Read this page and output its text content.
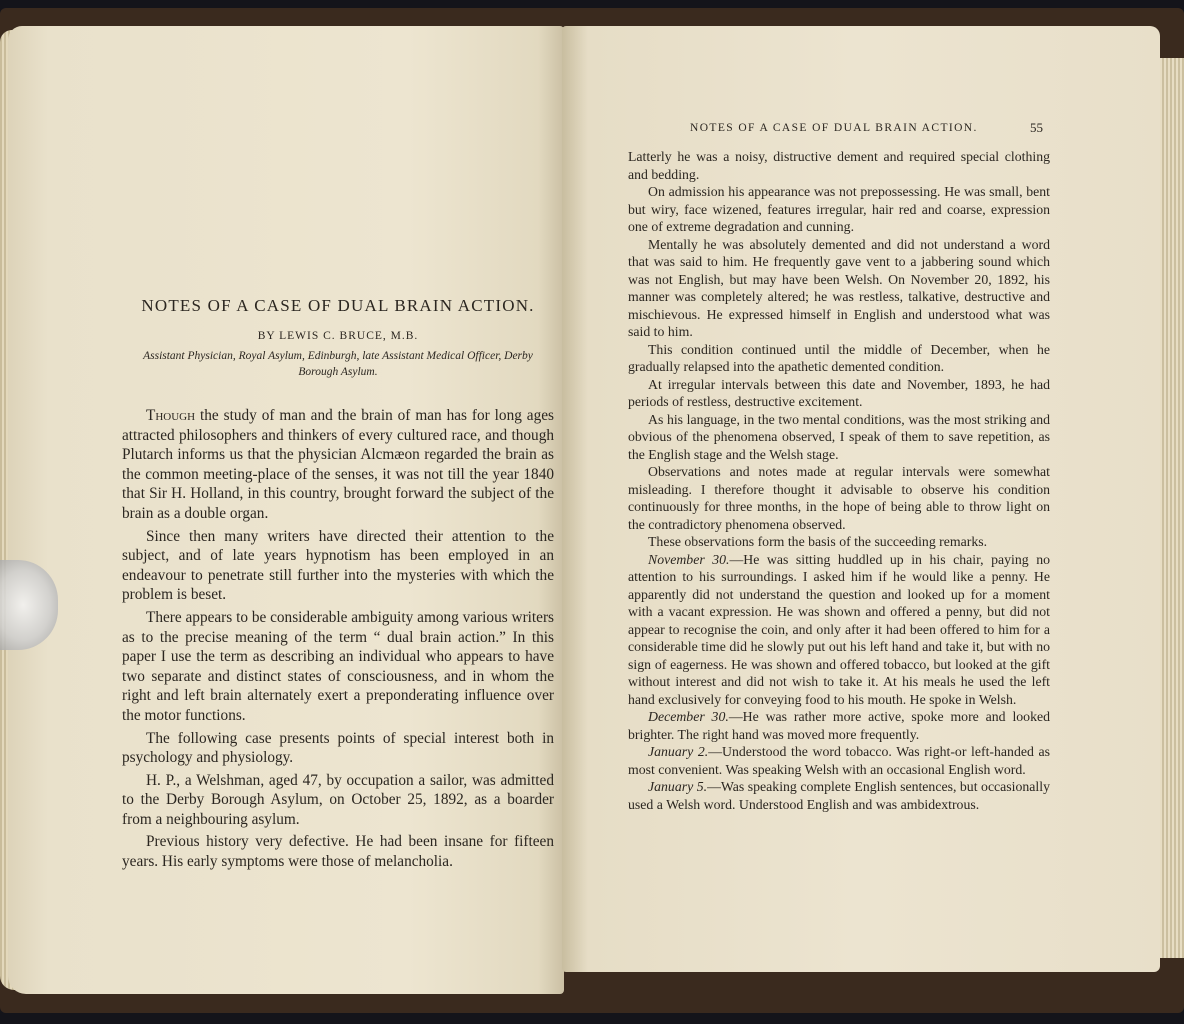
NOTES OF A CASE OF DUAL BRAIN ACTION.
BY LEWIS C. BRUCE, M.B.
Assistant Physician, Royal Asylum, Edinburgh, late Assistant Medical Officer, Derby Borough Asylum.

Though the study of man and the brain of man has for long ages attracted philosophers and thinkers of every cultured race, and though Plutarch informs us that the physician Alcmæon regarded the brain as the common meeting-place of the senses, it was not till the year 1840 that Sir H. Holland, in this country, brought forward the subject of the brain as a double organ.

Since then many writers have directed their attention to the subject, and of late years hypnotism has been employed in an endeavour to penetrate still further into the mysteries with which the problem is beset.

There appears to be considerable ambiguity among various writers as to the precise meaning of the term “ dual brain action.” In this paper I use the term as describing an individual who appears to have two separate and distinct states of consciousness, and in whom the right and left brain alternately exert a preponderating influence over the motor functions.

The following case presents points of special interest both in psychology and physiology.

H. P., a Welshman, aged 47, by occupation a sailor, was admitted to the Derby Borough Asylum, on October 25, 1892, as a boarder from a neighbouring asylum.

Previous history very defective. He had been insane for fifteen years. His early symptoms were those of melancholia.

NOTES OF A CASE OF DUAL BRAIN ACTION.	55

Latterly he was a noisy, distructive dement and required special clothing and bedding.

On admission his appearance was not prepossessing. He was small, bent but wiry, face wizened, features irregular, hair red and coarse, expression one of extreme degradation and cunning.

Mentally he was absolutely demented and did not understand a word that was said to him. He frequently gave vent to a jabbering sound which was not English, but may have been Welsh. On November 20, 1892, his manner was completely altered; he was restless, talkative, destructive and mischievous. He expressed himself in English and understood what was said to him.

This condition continued until the middle of December, when he gradually relapsed into the apathetic demented condition.

At irregular intervals between this date and November, 1893, he had periods of restless, destructive excitement.

As his language, in the two mental conditions, was the most striking and obvious of the phenomena observed, I speak of them to save repetition, as the English stage and the Welsh stage.

Observations and notes made at regular intervals were somewhat misleading. I therefore thought it advisable to observe his condition continuously for three months, in the hope of being able to throw light on the contradictory phenomena observed.

These observations form the basis of the succeeding remarks.

November 30.—He was sitting huddled up in his chair, paying no attention to his surroundings. I asked him if he would like a penny. He apparently did not understand the question and looked up for a moment with a vacant expression. He was shown and offered a penny, but did not appear to recognise the coin, and only after it had been offered to him for a considerable time did he slowly put out his left hand and take it, but with no sign of eagerness. He was shown and offered tobacco, but looked at the gift without interest and did not wish to take it. At his meals he used the left hand exclusively for conveying food to his mouth. He spoke in Welsh.

December 30.—He was rather more active, spoke more and looked brighter. The right hand was moved more frequently.

January 2.—Understood the word tobacco. Was right-or left-handed as most convenient. Was speaking Welsh with an occasional English word.

January 5.—Was speaking complete English sentences, but occasionally used a Welsh word. Understood English and was ambidextrous.
